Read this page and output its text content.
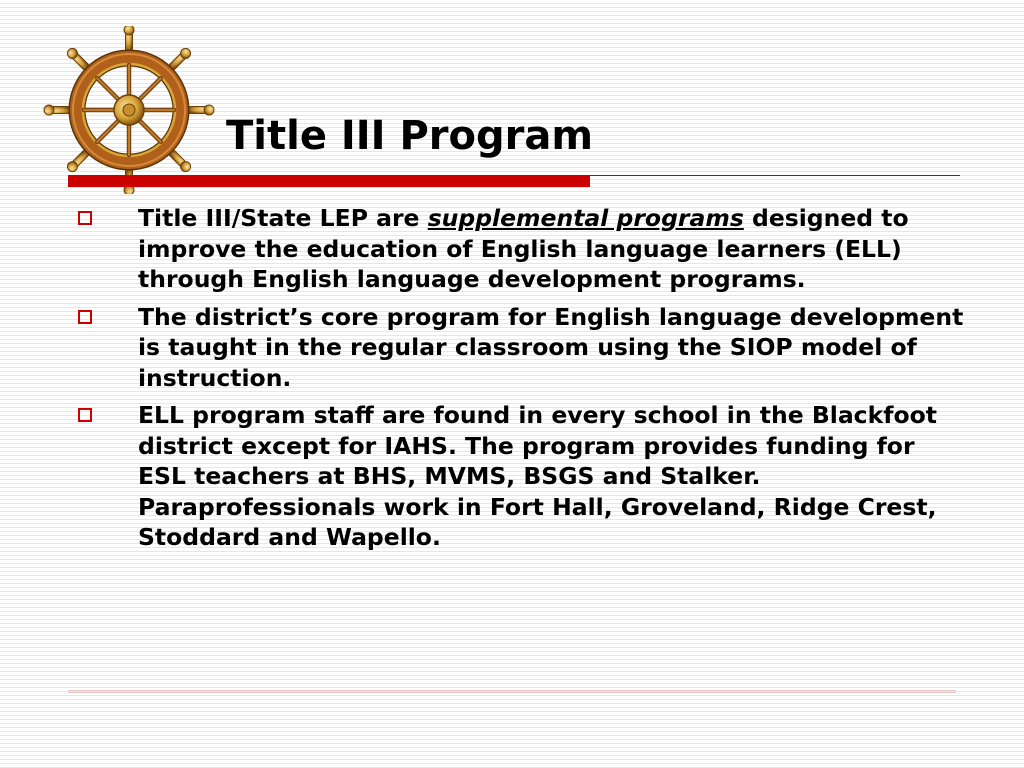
Title III Program
Title III/State LEP are supplemental programs designed to improve the education of English language learners (ELL) through English language development programs.
The district’s core program for English language development is taught in the regular classroom using the SIOP model of instruction.
ELL program staff are found in every school in the Blackfoot district except for IAHS. The program provides funding for ESL teachers at BHS, MVMS, BSGS and Stalker. Paraprofessionals work in Fort Hall, Groveland, Ridge Crest, Stoddard and Wapello.
